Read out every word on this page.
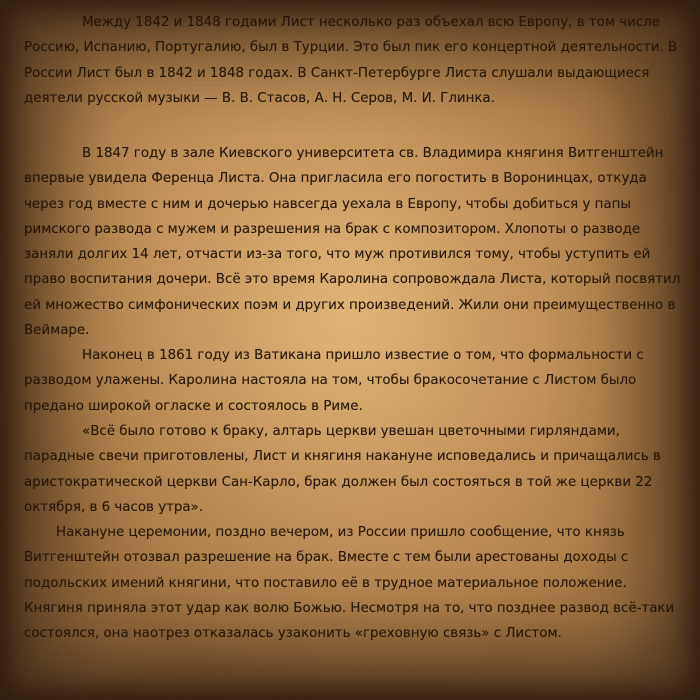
Между 1842 и 1848 годами Лист несколько раз объехал всю Европу, в том числе Россию, Испанию, Португалию, был в Турции. Это был пик его концертной деятельности. В России Лист был в 1842 и 1848 годах. В Санкт-Петербурге Листа слушали выдающиеся деятели русской музыки — В. В. Стасов, А. Н. Серов, М. И. Глинка.

В 1847 году в зале Киевского университета св. Владимира княгиня Витгенштейн впервые увидела Ференца Листа. Она пригласила его погостить в Воронинцах, откуда через год вместе с ним и дочерью навсегда уехала в Европу, чтобы добиться у папы римского развода с мужем и разрешения на брак с композитором. Хлопоты о разводе заняли долгих 14 лет, отчасти из-за того, что муж противился тому, чтобы уступить ей право воспитания дочери. Всё это время Каролина сопровождала Листа, который посвятил ей множество симфонических поэм и других произведений. Жили они преимущественно в Веймаре.

Наконец в 1861 году из Ватикана пришло известие о том, что формальности с разводом улажены. Каролина настояла на том, чтобы бракосочетание с Листом было предано широкой огласке и состоялось в Риме.

«Всё было готово к браку, алтарь церкви увешан цветочными гирляндами, парадные свечи приготовлены, Лист и княгиня накануне исповедались и причащались в аристократической церкви Сан-Карло, брак должен был состояться в той же церкви 22 октября, в 6 часов утра».

Накануне церемонии, поздно вечером, из России пришло сообщение, что князь Витгенштейн отозвал разрешение на брак. Вместе с тем были арестованы доходы с подольских имений княгини, что поставило её в трудное материальное положение. Княгиня приняла этот удар как волю Божью. Несмотря на то, что позднее развод всё-таки состоялся, она наотрез отказалась узаконить «греховную связь» с Листом.
